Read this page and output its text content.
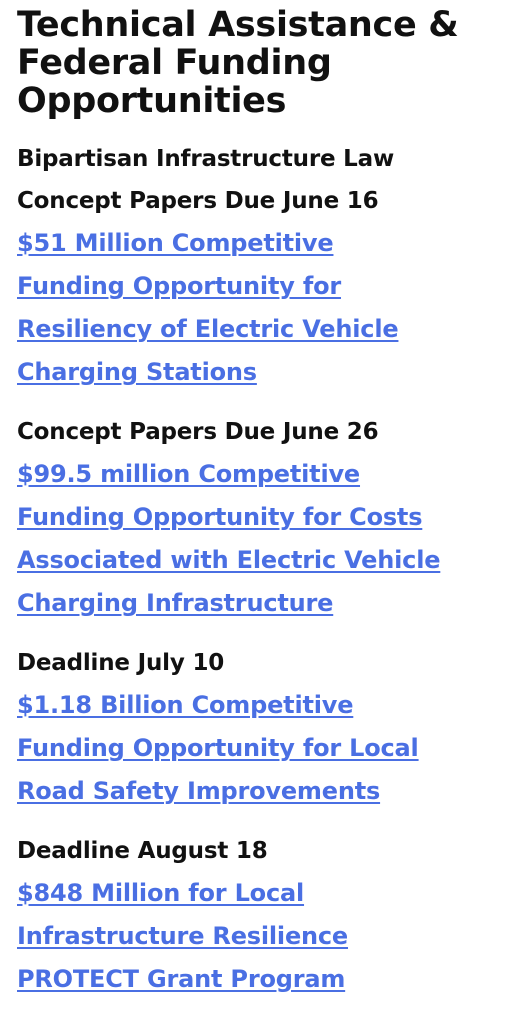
Technical Assistance &
Federal Funding
Opportunities
Bipartisan Infrastructure Law
Concept Papers Due June 16
$51 Million Competitive
Funding Opportunity for
Resiliency of Electric Vehicle
Charging Stations
Concept Papers Due June 26
$99.5 million Competitive
Funding Opportunity for Costs
Associated with Electric Vehicle
Charging Infrastructure
Deadline July 10
$1.18 Billion Competitive
Funding Opportunity for Local
Road Safety Improvements
Deadline August 18
$848 Million for Local
Infrastructure Resilience
PROTECT Grant Program
